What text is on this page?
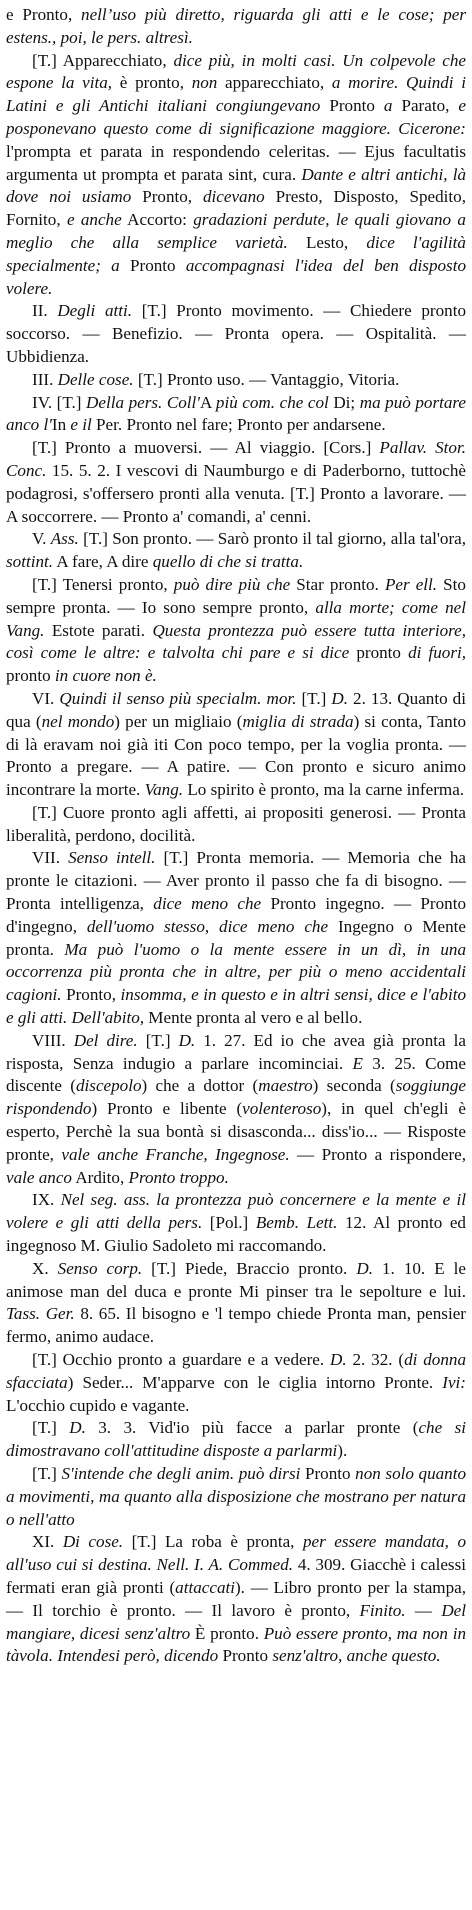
e Pronto, nell’uso più diretto, riguarda gli atti e le cose; per estens., poi, le pers. altresì.

[T.] Apparecchiato, dice più, in molti casi. Un colpevole che espone la vita, è pronto, non apparecchiato, a morire. Quindi i Latini e gli Antichi italiani congiungevano Pronto a Parato, e posponevano questo come di significazione maggiore. Cicerone: l'prompta et parata in respondendo celeritas. — Ejus facultatis argumenta ut prompta et parata sint, cura. Dante e altri antichi, là dove noi usiamo Pronto, dicevano Presto, Disposto, Spedito, Fornito, e anche Accorto: gradazioni perdute, le quali giovano a meglio che alla semplice varietà. Lesto, dice l'agilità specialmente; a Pronto accompagnasi l'idea del ben disposto volere.

II. Degli atti. [T.] Pronto movimento. — Chiedere pronto soccorso. — Benefizio. — Pronta opera. — Ospitalità. — Ubbidienza.

III. Delle cose. [T.] Pronto uso. — Vantaggio, Vitoria.

IV. [T.] Della pers. Coll'A più com. che col Di; ma può portare anco l'In e il Per. Pronto nel fare; Pronto per andarsene.

[T.] Pronto a muoversi. — Al viaggio. [Cors.] Pallav. Stor. Conc. 15. 5. 2. I vescovi di Naumburgo e di Paderborno, tuttochè podagrosi, s'offersero pronti alla venuta. [T.] Pronto a lavorare. — A soccorrere. — Pronto a' comandi, a' cenni.

V. Ass. [T.] Son pronto. — Sarò pronto il tal giorno, alla tal'ora, sottint. A fare, A dire quello di che si tratta.

[T.] Tenersi pronto, può dire più che Star pronto. Per ell. Sto sempre pronta. — Io sono sempre pronto, alla morte; come nel Vang. Estote parati. Questa prontezza può essere tutta interiore, così come le altre: e talvolta chi pare e si dice pronto di fuori, pronto in cuore non è.

VI. Quindi il senso più specialm. mor. [T.] D. 2. 13. Quanto di qua (nel mondo) per un migliaio (miglia di strada) si conta, Tanto di là eravam noi già iti Con poco tempo, per la voglia pronta. — Pronto a pregare. — A patire. — Con pronto e sicuro animo incontrare la morte. Vang. Lo spirito è pronto, ma la carne inferma.

[T.] Cuore pronto agli affetti, ai propositi generosi. — Pronta liberalità, perdono, docilità.

VII. Senso intell. [T.] Pronta memoria. — Memoria che ha pronte le citazioni. — Aver pronto il passo che fa di bisogno. — Pronta intelligenza, dice meno che Pronto ingegno. — Pronto d'ingegno, dell'uomo stesso, dice meno che Ingegno o Mente pronta. Ma può l'uomo o la mente essere in un dì, in una occorrenza più pronta che in altre, per più o meno accidentali cagioni. Pronto, insomma, e in questo e in altri sensi, dice e l'abito e gli atti. Dell'abito, Mente pronta al vero e al bello.

VIII. Del dire. [T.] D. 1. 27. Ed io che avea già pronta la risposta, Senza indugio a parlare incominciai. E 3. 25. Come discente (discepolo) che a dottor (maestro) seconda (soggiunge rispondendo) Pronto e libente (volenteroso), in quel ch'egli è esperto, Perchè la sua bontà si disasconda... diss'io... — Risposte pronte, vale anche Franche, Ingegnose. — Pronto a rispondere, vale anco Ardito, Pronto troppo.

IX. Nel seg. ass. la prontezza può concernere e la mente e il volere e gli atti della pers. [Pol.] Bemb. Lett. 12. Al pronto ed ingegnoso M. Giulio Sadoleto mi raccomando.

X. Senso corp. [T.] Piede, Braccio pronto. D. 1. 10. E le animose man del duca e pronte Mi pinser tra le sepolture e lui. Tass. Ger. 8. 65. Il bisogno e 'l tempo chiede Pronta man, pensier fermo, animo audace.

[T.] Occhio pronto a guardare e a vedere. D. 2. 32. (di donna sfacciata) Seder... M'apparve con le ciglia intorno Pronte. Ivi: L'occhio cupido e vagante.

[T.] D. 3. 3. Vid'io più facce a parlar pronte (che si dimostravano coll'attitudine disposte a parlarmi).

[T.] S'intende che degli anim. può dirsi Pronto non solo quanto a movimenti, ma quanto alla disposizione che mostrano per natura o nell'atto

XI. Di cose. [T.] La roba è pronta, per essere mandata, o all'uso cui si destina. Nell. I. A. Commed. 4. 309. Giacchè i calessi fermati eran già pronti (attaccati). — Libro pronto per la stampa, — Il torchio è pronto. — Il lavoro è pronto, Finito. — Del mangiare, dicesi senz'altro È pronto. Può essere pronto, ma non in tàvola. Intendesi però, dicendo Pronto senz'altro, anche questo.
